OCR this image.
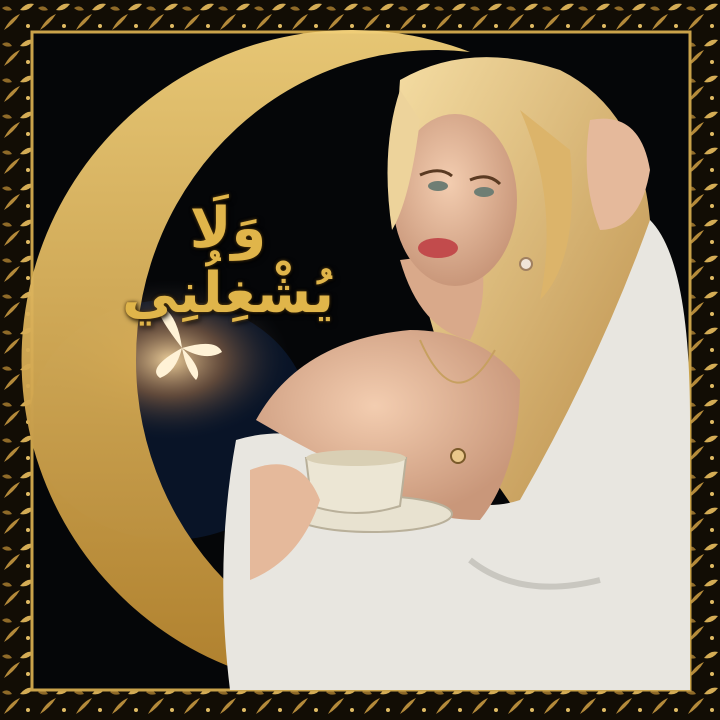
وَلَا يُشْغِلُنِي
